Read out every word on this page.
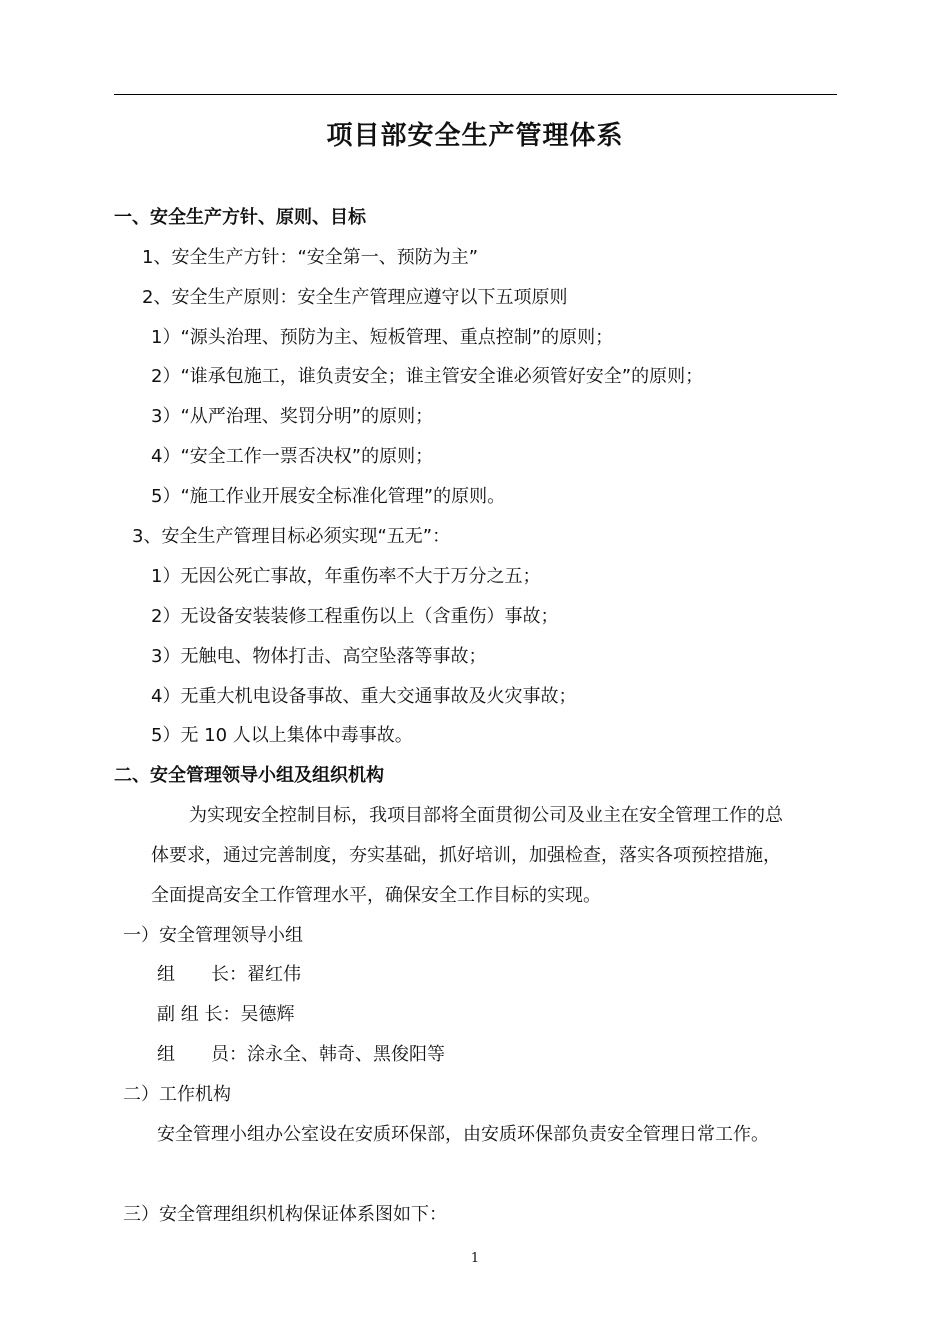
项目部安全生产管理体系
一、安全生产方针、原则、目标
1、安全生产方针：“安全第一、预防为主”
2、安全生产原则：安全生产管理应遵守以下五项原则
1）“源头治理、预防为主、短板管理、重点控制”的原则；
2）“谁承包施工，谁负责安全；谁主管安全谁必须管好安全”的原则；
3）“从严治理、奖罚分明”的原则；
4）“安全工作一票否决权”的原则；
5）“施工作业开展安全标准化管理”的原则。
3、安全生产管理目标必须实现“五无”：
1）无因公死亡事故，年重伤率不大于万分之五；
2）无设备安装装修工程重伤以上（含重伤）事故；
3）无触电、物体打击、高空坠落等事故；
4）无重大机电设备事故、重大交通事故及火灾事故；
5）无 10 人以上集体中毒事故。
二、安全管理领导小组及组织机构
为实现安全控制目标，我项目部将全面贯彻公司及业主在安全管理工作的总
体要求，通过完善制度，夯实基础，抓好培训，加强检查，落实各项预控措施，
全面提高安全工作管理水平，确保安全工作目标的实现。
一）安全管理领导小组
组　　长：翟红伟
副 组 长：吴德辉
组　　员：涂永全、韩奇、黑俊阳等
二）工作机构
安全管理小组办公室设在安质环保部，由安质环保部负责安全管理日常工作。
三）安全管理组织机构保证体系图如下：
1
